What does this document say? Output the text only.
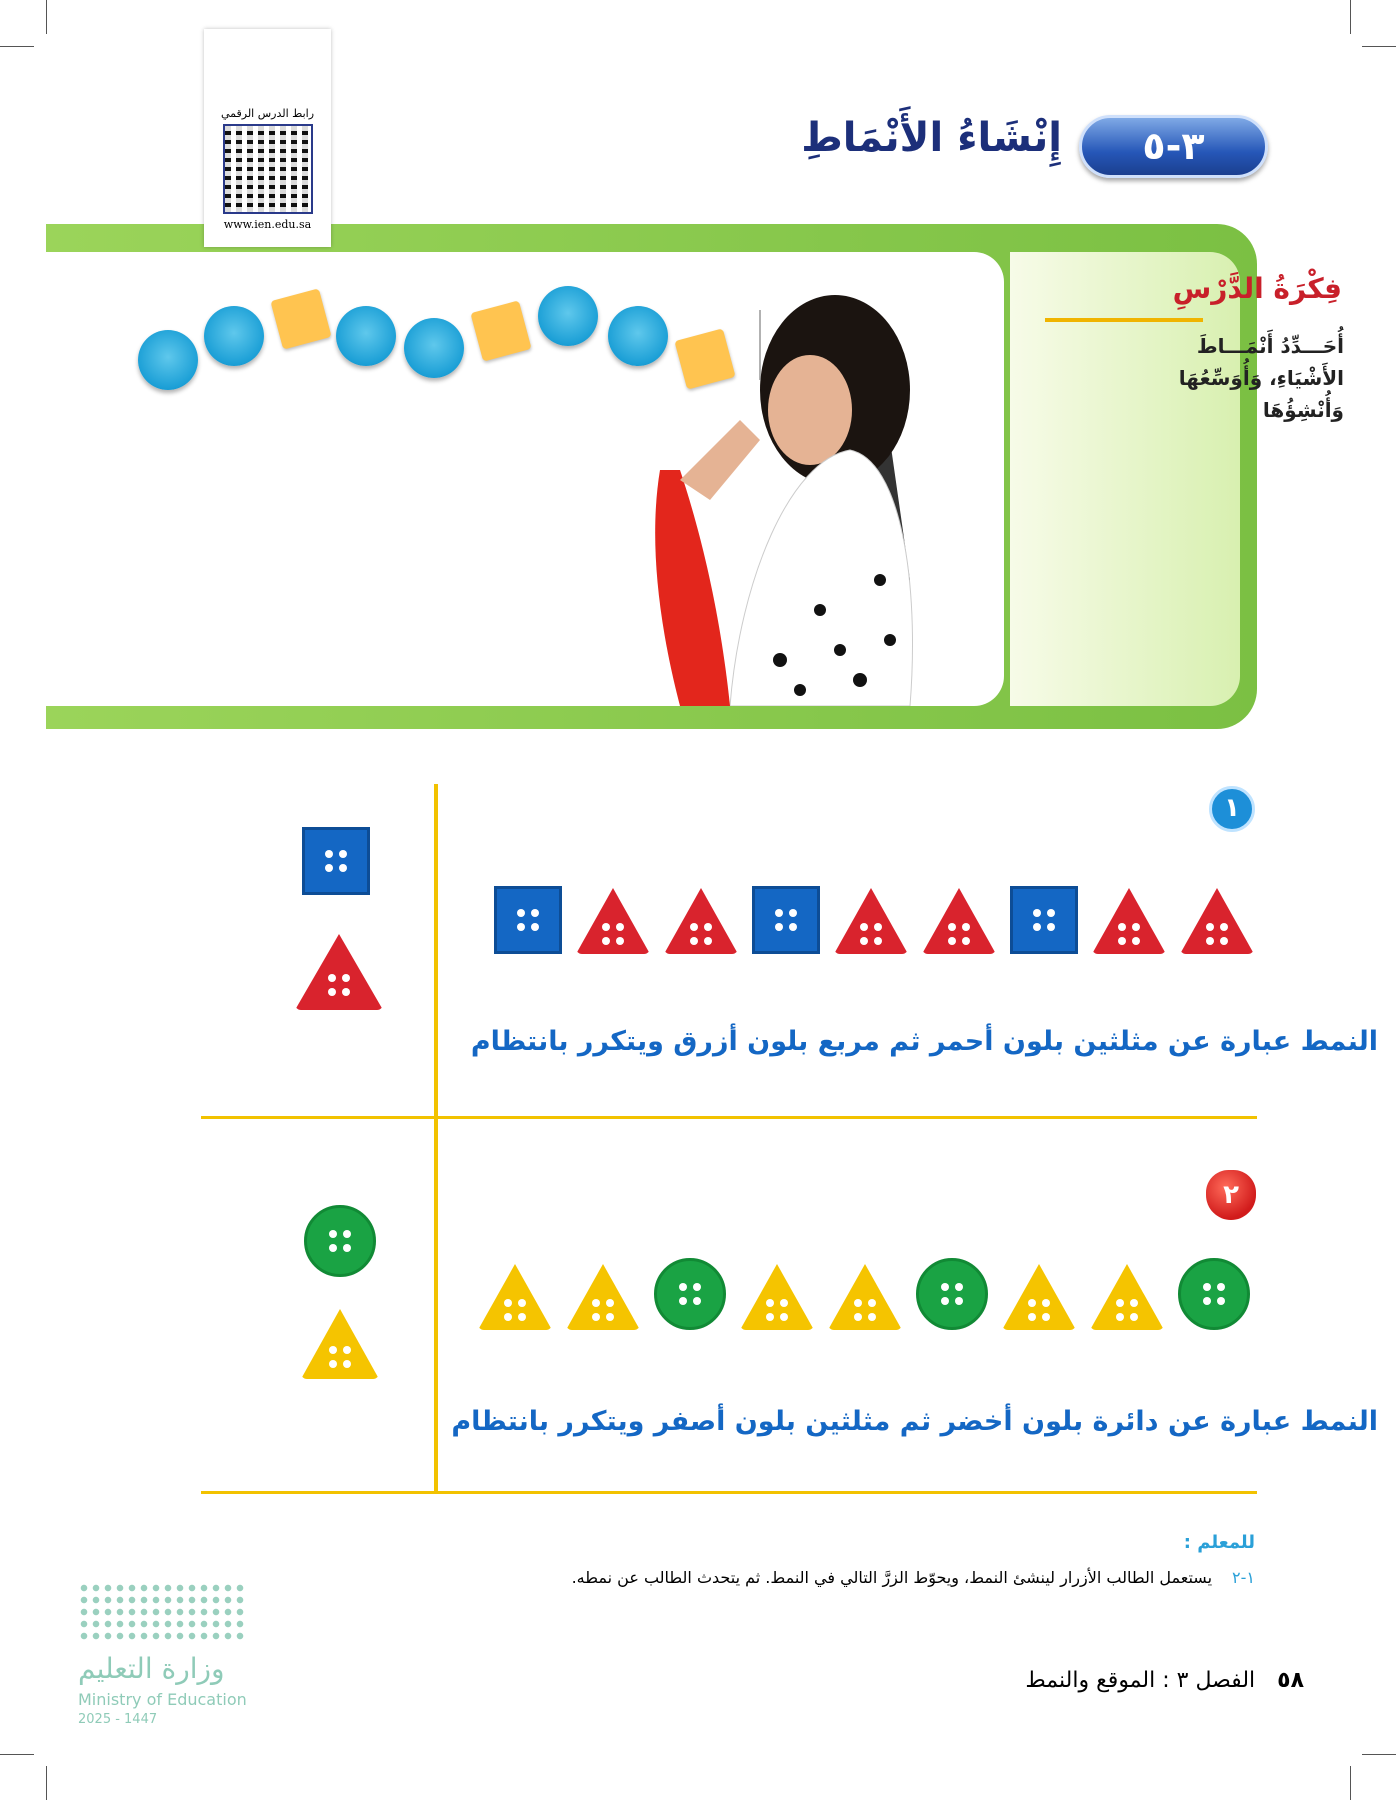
رابط الدرس الرقمي
www.ien.edu.sa
٣-٥
إِنْشَاءُ الأَنْمَاطِ
فِكْرَةُ الدَّرْسِ
أُحَـــدِّدُ أَنْمَـــاطَ الأَشْيَاءِ، وَأُوَسِّعُهَا وَأُنْشِؤُهَا
١
النمط عبارة عن مثلثين بلون أحمر ثم مربع بلون أزرق ويتكرر بانتظام
٢
النمط عبارة عن دائرة بلون أخضر ثم مثلثين بلون أصفر ويتكرر بانتظام
للمعلم :
١-٢يستعمل الطالب الأزرار لينشئ النمط، ويحوّط الزرَّ التالي في النمط. ثم يتحدث الطالب عن نمطه.
٥٨الفصل ٣ : الموقع والنمط
وزارة التعليم
Ministry of Education
2025 - 1447
